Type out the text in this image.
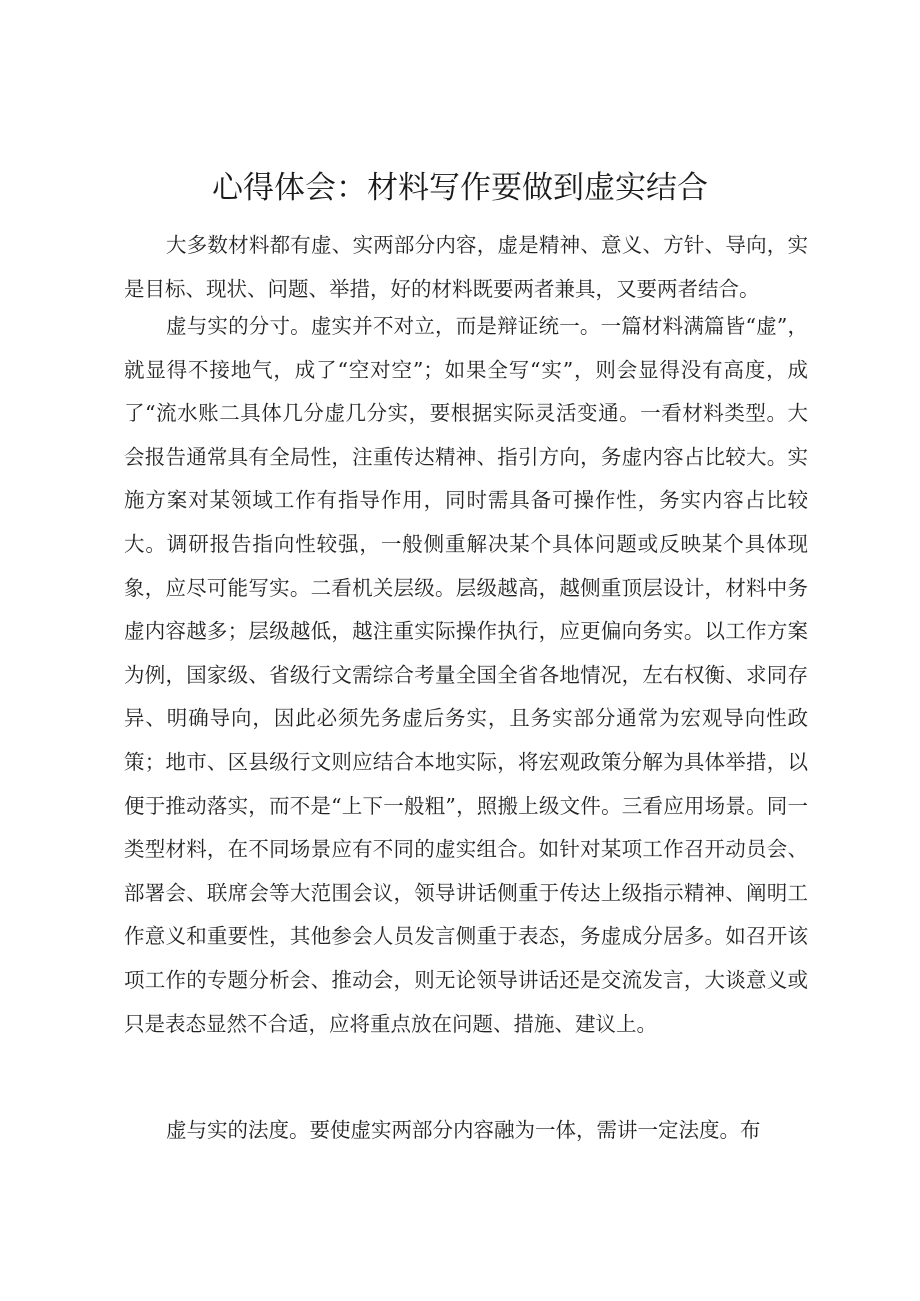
心得体会：材料写作要做到虚实结合

大多数材料都有虚、实两部分内容，虚是精神、意义、方针、导向，实是目标、现状、问题、举措，好的材料既要两者兼具，又要两者结合。

虚与实的分寸。虚实并不对立，而是辩证统一。一篇材料满篇皆“虚”，就显得不接地气，成了“空对空”；如果全写“实”，则会显得没有高度，成了“流水账二具体几分虚几分实，要根据实际灵活变通。一看材料类型。大会报告通常具有全局性，注重传达精神、指引方向，务虚内容占比较大。实施方案对某领域工作有指导作用，同时需具备可操作性，务实内容占比较大。调研报告指向性较强，一般侧重解决某个具体问题或反映某个具体现象，应尽可能写实。二看机关层级。层级越高，越侧重顶层设计，材料中务虚内容越多；层级越低，越注重实际操作执行，应更偏向务实。以工作方案为例，国家级、省级行文需综合考量全国全省各地情况，左右权衡、求同存异、明确导向，因此必须先务虚后务实，且务实部分通常为宏观导向性政策；地市、区县级行文则应结合本地实际，将宏观政策分解为具体举措，以便于推动落实，而不是“上下一般粗”，照搬上级文件。三看应用场景。同一类型材料，在不同场景应有不同的虚实组合。如针对某项工作召开动员会、部署会、联席会等大范围会议，领导讲话侧重于传达上级指示精神、阐明工作意义和重要性，其他参会人员发言侧重于表态，务虚成分居多。如召开该项工作的专题分析会、推动会，则无论领导讲话还是交流发言，大谈意义或只是表态显然不合适，应将重点放在问题、措施、建议上。

虚与实的法度。要使虚实两部分内容融为一体，需讲一定法度。布
